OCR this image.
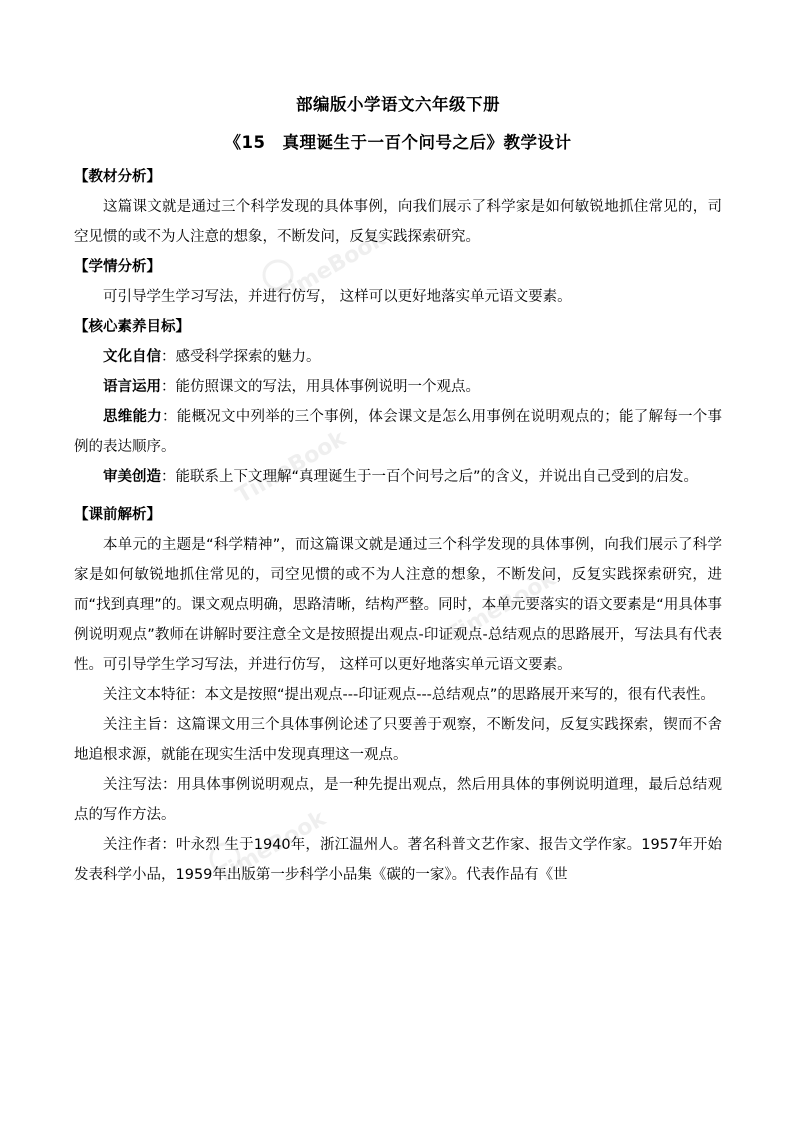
TimeBook
TimeBook
TimeBook
TimeBook
部编版小学语文六年级下册
《15　真理诞生于一百个问号之后》教学设计

【教材分析】

这篇课文就是通过三个科学发现的具体事例，向我们展示了科学家是如何敏锐地抓住常见的，司空见惯的或不为人注意的想象，不断发问，反复实践探索研究。

【学情分析】

可引导学生学习写法，并进行仿写， 这样可以更好地落实单元语文要素。

【核心素养目标】

文化自信：感受科学探索的魅力。

语言运用：能仿照课文的写法，用具体事例说明一个观点。

思维能力：能概况文中列举的三个事例，体会课文是怎么用事例在说明观点的；能了解每一个事例的表达顺序。

审美创造：能联系上下文理解“真理诞生于一百个问号之后”的含义，并说出自己受到的启发。

【课前解析】

本单元的主题是“科学精神”，而这篇课文就是通过三个科学发现的具体事例，向我们展示了科学家是如何敏锐地抓住常见的，司空见惯的或不为人注意的想象，不断发问，反复实践探索研究，进而“找到真理”的。课文观点明确，思路清晰，结构严整。同时，本单元要落实的语文要素是“用具体事例说明观点”教师在讲解时要注意全文是按照提出观点-印证观点-总结观点的思路展开，写法具有代表性。可引导学生学习写法，并进行仿写， 这样可以更好地落实单元语文要素。

关注文本特征：本文是按照“提出观点---印证观点---总结观点”的思路展开来写的，很有代表性。

关注主旨：这篇课文用三个具体事例论述了只要善于观察，不断发问，反复实践探索，锲而不舍地追根求源，就能在现实生活中发现真理这一观点。

关注写法：用具体事例说明观点，是一种先提出观点，然后用具体的事例说明道理，最后总结观点的写作方法。

关注作者：叶永烈 生于1940年，浙江温州人。著名科普文艺作家、报告文学作家。1957年开始发表科学小品，1959年出版第一步科学小品集《碳的一家》。代表作品有《世
